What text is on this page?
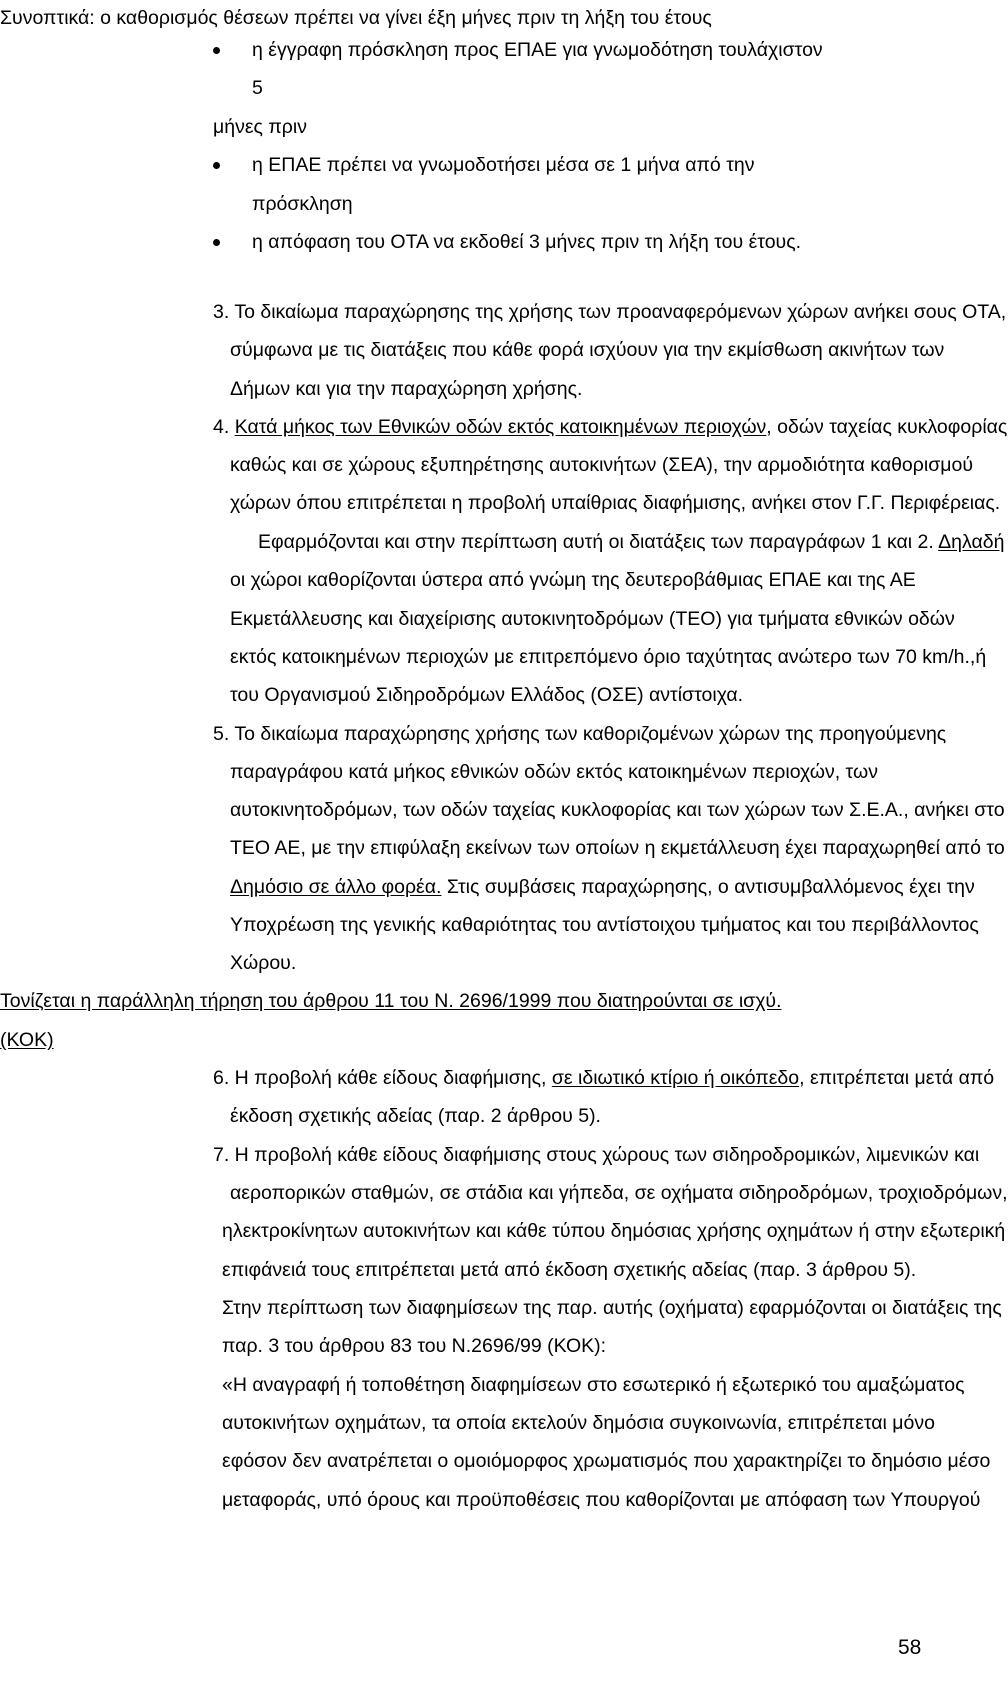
Συνοπτικά: ο καθορισμός θέσεων πρέπει να γίνει έξη μήνες πριν τη λήξη του έτους
η έγγραφη πρόσκληση προς ΕΠΑΕ για γνωμοδότηση τουλάχιστον
5
μήνες πριν
η ΕΠΑΕ πρέπει να γνωμοδοτήσει μέσα σε 1 μήνα από την
πρόσκληση
η απόφαση του ΟΤΑ να εκδοθεί 3 μήνες πριν τη λήξη του έτους.
3. Το δικαίωμα παραχώρησης της χρήσης των προαναφερόμενων χώρων ανήκει σους ΟΤΑ,
σύμφωνα με τις διατάξεις που κάθε φορά ισχύουν για την εκμίσθωση ακινήτων των
Δήμων και για την παραχώρηση χρήσης.
4. Κατά μήκος των Εθνικών οδών εκτός κατοικημένων περιοχών, οδών ταχείας κυκλοφορίας
καθώς και σε χώρους εξυπηρέτησης αυτοκινήτων (ΣΕΑ), την αρμοδιότητα καθορισμού
χώρων όπου επιτρέπεται η προβολή υπαίθριας διαφήμισης, ανήκει στον Γ.Γ. Περιφέρειας.
Εφαρμόζονται και στην περίπτωση αυτή οι διατάξεις των παραγράφων 1 και 2. Δηλαδή
οι χώροι καθορίζονται ύστερα από γνώμη της δευτεροβάθμιας ΕΠΑΕ και της ΑΕ
Εκμετάλλευσης και διαχείρισης αυτοκινητοδρόμων (ΤΕΟ) για τμήματα εθνικών οδών
εκτός κατοικημένων περιοχών με επιτρεπόμενο όριο ταχύτητας ανώτερο των 70 km/h.,ή
του Οργανισμού Σιδηροδρόμων Ελλάδος (ΟΣΕ) αντίστοιχα.
5. Το δικαίωμα παραχώρησης χρήσης των καθοριζομένων χώρων της προηγούμενης
παραγράφου κατά μήκος εθνικών οδών εκτός κατοικημένων περιοχών, των
αυτοκινητοδρόμων, των οδών ταχείας κυκλοφορίας και των χώρων των Σ.Ε.Α., ανήκει στο
ΤΕΟ ΑΕ, με την επιφύλαξη εκείνων των οποίων η εκμετάλλευση έχει παραχωρηθεί από το
Δημόσιο σε άλλο φορέα. Στις συμβάσεις παραχώρησης, ο αντισυμβαλλόμενος έχει την
Υποχρέωση της γενικής καθαριότητας του αντίστοιχου τμήματος και του περιβάλλοντος
Χώρου.
Τονίζεται η παράλληλη τήρηση του άρθρου 11 του Ν. 2696/1999 που διατηρούνται σε ισχύ.
(ΚΟΚ)
6. Η προβολή κάθε είδους διαφήμισης, σε ιδιωτικό κτίριο ή οικόπεδο, επιτρέπεται μετά από
έκδοση σχετικής αδείας (παρ. 2 άρθρου 5).
7. Η προβολή κάθε είδους διαφήμισης στους χώρους των σιδηροδρομικών, λιμενικών και
αεροπορικών σταθμών, σε στάδια και γήπεδα, σε οχήματα σιδηροδρόμων, τροχιοδρόμων,
ηλεκτροκίνητων αυτοκινήτων και κάθε τύπου δημόσιας χρήσης οχημάτων ή στην εξωτερική
επιφάνειά τους επιτρέπεται μετά από έκδοση σχετικής αδείας (παρ. 3 άρθρου 5).
Στην περίπτωση των διαφημίσεων της παρ. αυτής (οχήματα) εφαρμόζονται οι διατάξεις της
παρ. 3 του άρθρου 83 του Ν.2696/99 (ΚΟΚ):
«Η αναγραφή ή τοποθέτηση διαφημίσεων στο εσωτερικό ή εξωτερικό του αμαξώματος
αυτοκινήτων οχημάτων, τα οποία εκτελούν δημόσια συγκοινωνία, επιτρέπεται μόνο
εφόσον δεν ανατρέπεται ο ομοιόμορφος χρωματισμός που χαρακτηρίζει το δημόσιο μέσο
μεταφοράς, υπό όρους και προϋποθέσεις που καθορίζονται με απόφαση των Υπουργού
58
